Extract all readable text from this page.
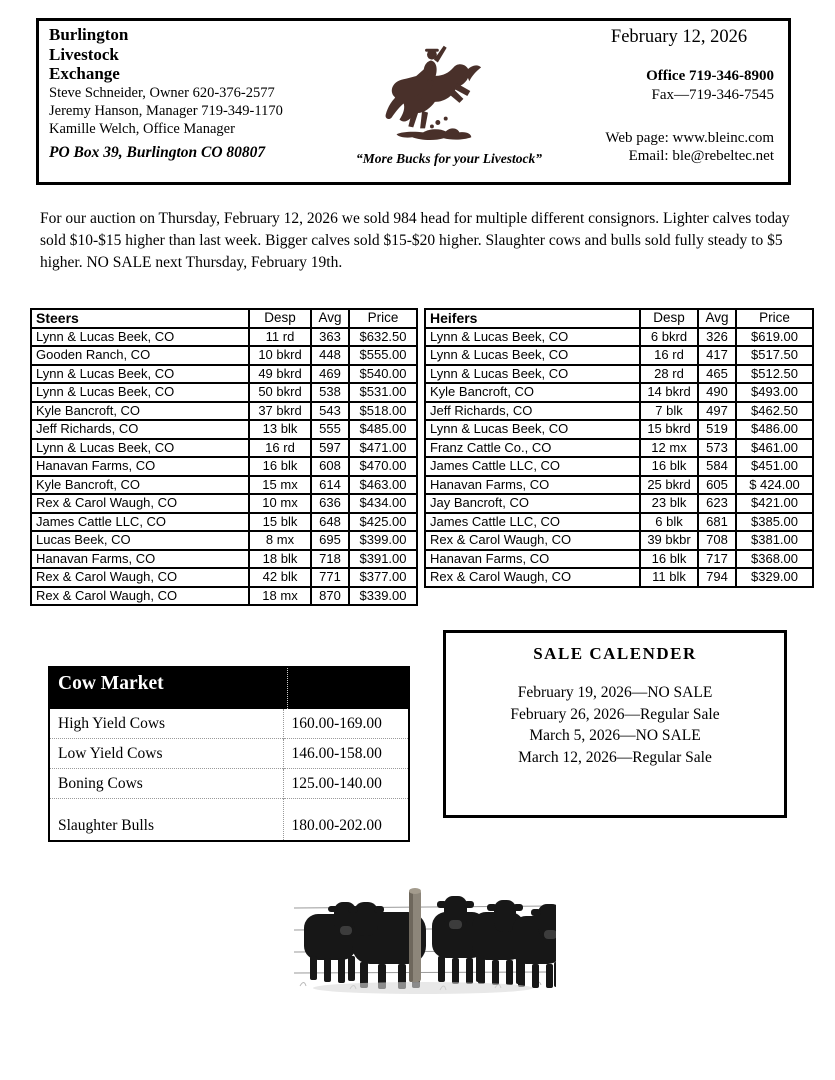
Burlington
Livestock
Exchange
Steve Schneider, Owner 620-376-2577
Jeremy Hanson, Manager 719-349-1170
Kamille Welch, Office Manager
PO Box 39, Burlington CO 80807	“More Bucks for your Livestock”
February 12, 2026
Office 719-346-8900
Fax—719-346-7545
Web page: www.bleinc.com
Email: ble@rebeltec.net

For our auction on Thursday, February 12, 2026 we sold 984 head for multiple different consignors. Lighter calves today sold $10-$15 higher than last week. Bigger calves sold $15-$20 higher. Slaughter cows and bulls sold fully steady to $5 higher. NO SALE next Thursday, February 19th.

Steers	Desp	Avg	Price
Lynn & Lucas Beek, CO	11 rd	363	$632.50
Gooden Ranch, CO	10 bkrd	448	$555.00
Lynn & Lucas Beek, CO	49 bkrd	469	$540.00
Lynn & Lucas Beek, CO	50 bkrd	538	$531.00
Kyle Bancroft, CO	37 bkrd	543	$518.00
Jeff Richards, CO	13 blk	555	$485.00
Lynn & Lucas Beek, CO	16 rd	597	$471.00
Hanavan Farms, CO	16 blk	608	$470.00
Kyle Bancroft, CO	15 mx	614	$463.00
Rex & Carol Waugh, CO	10 mx	636	$434.00
James Cattle LLC, CO	15 blk	648	$425.00
Lucas Beek, CO	8 mx	695	$399.00
Hanavan Farms, CO	18 blk	718	$391.00
Rex & Carol Waugh, CO	42 blk	771	$377.00
Rex & Carol Waugh, CO	18 mx	870	$339.00
Heifers	Desp	Avg	Price
Lynn & Lucas Beek, CO	6 bkrd	326	$619.00
Lynn & Lucas Beek, CO	16 rd	417	$517.50
Lynn & Lucas Beek, CO	28 rd	465	$512.50
Kyle Bancroft, CO	14 bkrd	490	$493.00
Jeff Richards, CO	7 blk	497	$462.50
Lynn & Lucas Beek, CO	15 bkrd	519	$486.00
Franz Cattle Co., CO	12 mx	573	$461.00
James Cattle LLC, CO	16 blk	584	$451.00
Hanavan Farms, CO	25 bkrd	605	$ 424.00
Jay Bancroft, CO	23 blk	623	$421.00
James Cattle LLC, CO	6 blk	681	$385.00
Rex & Carol Waugh, CO	39 bkbr	708	$381.00
Hanavan Farms, CO	16 blk	717	$368.00
Rex & Carol Waugh, CO	11 blk	794	$329.00
Cow Market
High Yield Cows	160.00-169.00
Low Yield Cows	146.00-158.00
Boning Cows	125.00-140.00
Slaughter Bulls	180.00-202.00
SALE CALENDER
February 19, 2026—NO SALE
February 26, 2026—Regular Sale
March 5, 2026—NO SALE
March 12, 2026—Regular Sale
